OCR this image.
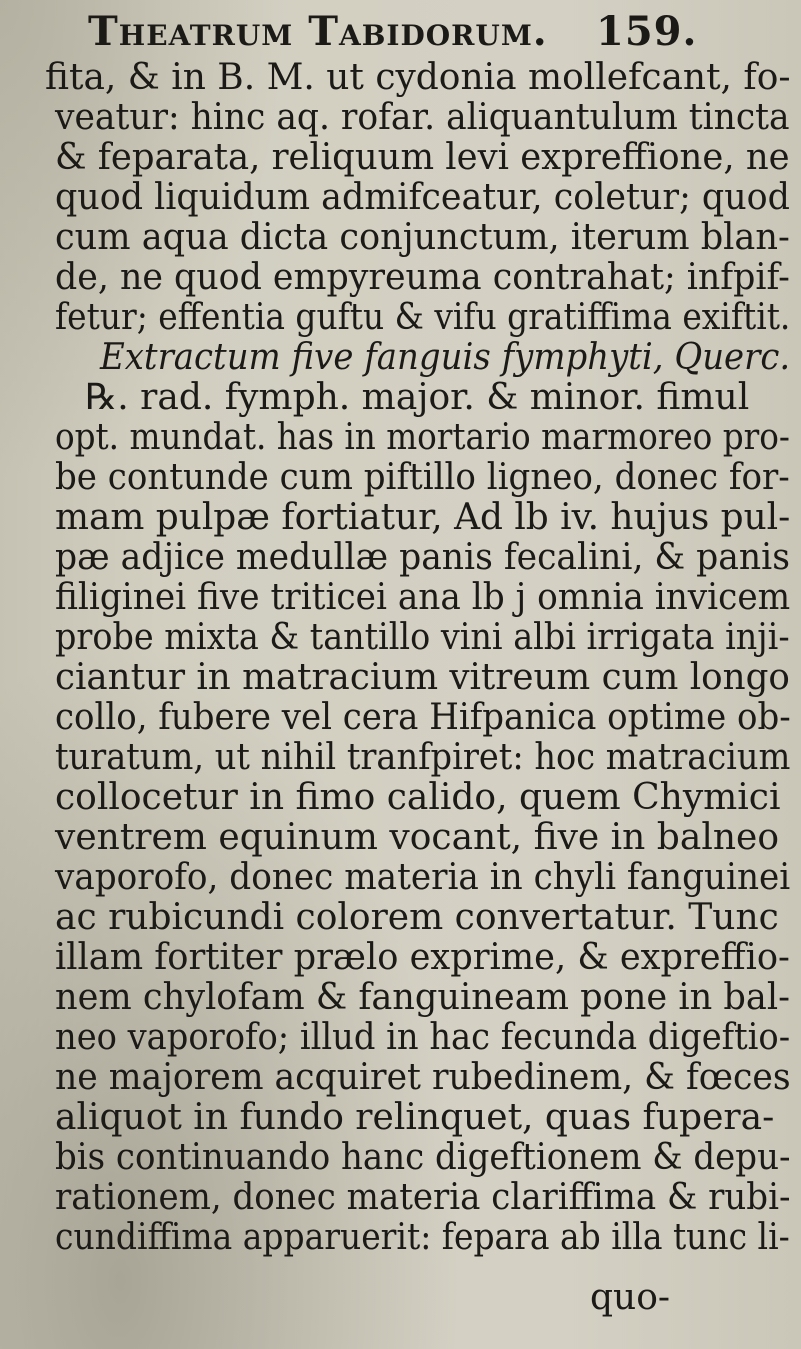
Theatrum Tabidorum. 159.
fita, & in B. M. ut cydonia mollefcant, fo-
veatur: hinc aq. rofar. aliquantulum tincta
& feparata, reliquum levi expreffione, ne
quod liquidum admifceatur, coletur; quod
cum aqua dicta conjunctum, iterum blan-
de, ne quod empyreuma contrahat; infpif-
fetur; effentia guftu & vifu gratiffima exiftit.
Extractum five fanguis fymphyti, Querc.
℞. rad. fymph. major. & minor. fimul
opt. mundat. has in mortario marmoreo pro-
be contunde cum piftillo ligneo, donec for-
mam pulpæ fortiatur, Ad lb iv. hujus pul-
pæ adjice medullæ panis fecalini, & panis
filiginei five triticei ana lb j omnia invicem
probe mixta & tantillo vini albi irrigata inji-
ciantur in matracium vitreum cum longo
collo, fubere vel cera Hifpanica optime ob-
turatum, ut nihil tranfpiret: hoc matracium
collocetur in fimo calido, quem Chymici
ventrem equinum vocant, five in balneo
vaporofo, donec materia in chyli fanguinei
ac rubicundi colorem convertatur. Tunc
illam fortiter prælo exprime, & expreffio-
nem chylofam & fanguineam pone in bal-
neo vaporofo; illud in hac fecunda digeftio-
ne majorem acquiret rubedinem, & fœces
aliquot in fundo relinquet, quas fupera-
bis continuando hanc digeftionem & depu-
rationem, donec materia clariffima & rubi-
cundiffima apparuerit: fepara ab illa tunc li-
quo-
